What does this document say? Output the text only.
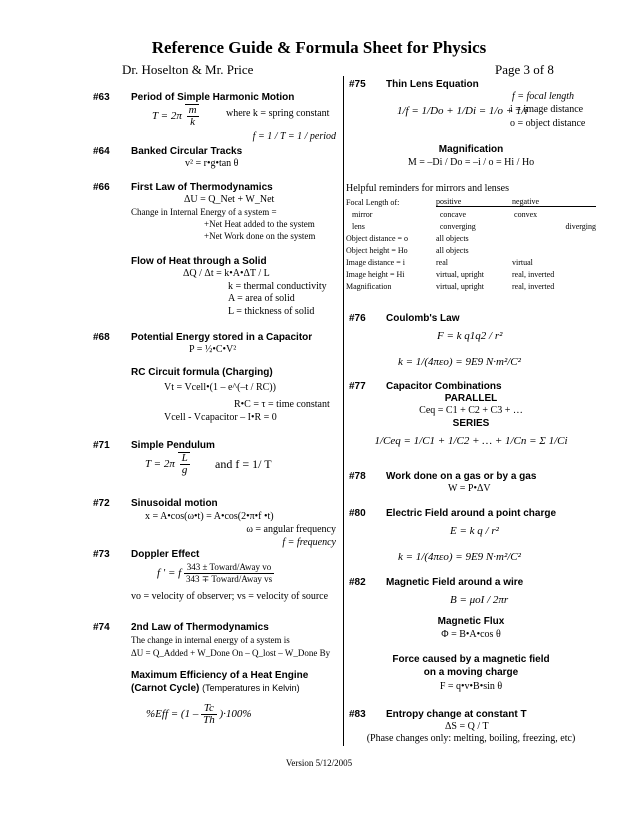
Reference Guide & Formula Sheet for Physics
Dr. Hoselton & Mr. Price	Page 3 of 8
#63 Period of Simple Harmonic Motion
$T = 2\pi \frac{m}{k}$	where k = spring constant
f = 1 / T = 1 / period
#64 Banked Circular Tracks
v² = r•g•tan θ
#66 First Law of Thermodynamics
ΔU = Q_Net + W_Net
Change in Internal Energy of a system =
+Net Heat added to the system
+Net Work done on the system
Flow of Heat through a Solid
ΔQ / Δt = k•A•ΔT / L
k = thermal conductivity
A = area of solid
L = thickness of solid
#68 Potential Energy stored in a Capacitor
P = ½•C•V²
RC Circuit formula (Charging)
Vt = Vcell•(1 – e^(–t / RC))
R•C = τ = time constant
Vcell - Vcapacitor – I•R = 0
#71 Simple Pendulum
$T = 2\pi \frac{L}{g}$ and f = 1/ T
#72 Sinusoidal motion
x = A•cos(ω•t) = A•cos(2•π•f •t)
ω = angular frequency
f = frequency
#73 Doppler Effect
f ′ = f $\frac{\text{343 ± Toward/Away vo}}{\text{343 ∓ Toward/Away vs}}$
vo = velocity of observer; vs = velocity of source
#74 2nd Law of Thermodynamics
The change in internal energy of a system is
ΔU = Q_Added + W_Done On – Q_lost – W_Done By
Maximum Efficiency of a Heat Engine
(Carnot Cycle) (Temperatures in Kelvin)
$\%Eff = (1 - \frac{Tc}{Th} )\cdot 100\%$
#75 Thin Lens Equation
f = focal length
1/f = 1/Do + 1/Di = 1/o + 1/i
i = image distance
o = object distance
Magnification
M = –Di / Do = –i / o = Hi / Ho
Helpful reminders for mirrors and lenses
Focal Length of:	positive	negative
mirror	concave	convex
lens	converging	diverging
Object distance = o	all objects
Object height = Ho	all objects
Image distance = i	real	virtual
Image height = Hi	virtual, upright	real, inverted
Magnification	virtual, upright	real, inverted
#76 Coulomb's Law
F = k q1q2 / r²
k = 1/(4πεo) = 9E9 N·m²/C²
#77 Capacitor Combinations
PARALLEL
Ceq = C1 + C2 + C3 + …
SERIES
1/Ceq = 1/C1 + 1/C2 + … + 1/Cn = Σ 1/Ci
#78 Work done on a gas or by a gas
W = P•ΔV
#80 Electric Field around a point charge
E = k q / r²
k = 1/(4πεo) = 9E9 N·m²/C²
#82 Magnetic Field around a wire
B = μoI / 2πr
Magnetic Flux
Φ = B•A•cos θ
Force caused by a magnetic field
on a moving charge
F = q•v•B•sin θ
#83 Entropy change at constant T
ΔS = Q / T
(Phase changes only: melting, boiling, freezing, etc)
Version 5/12/2005
